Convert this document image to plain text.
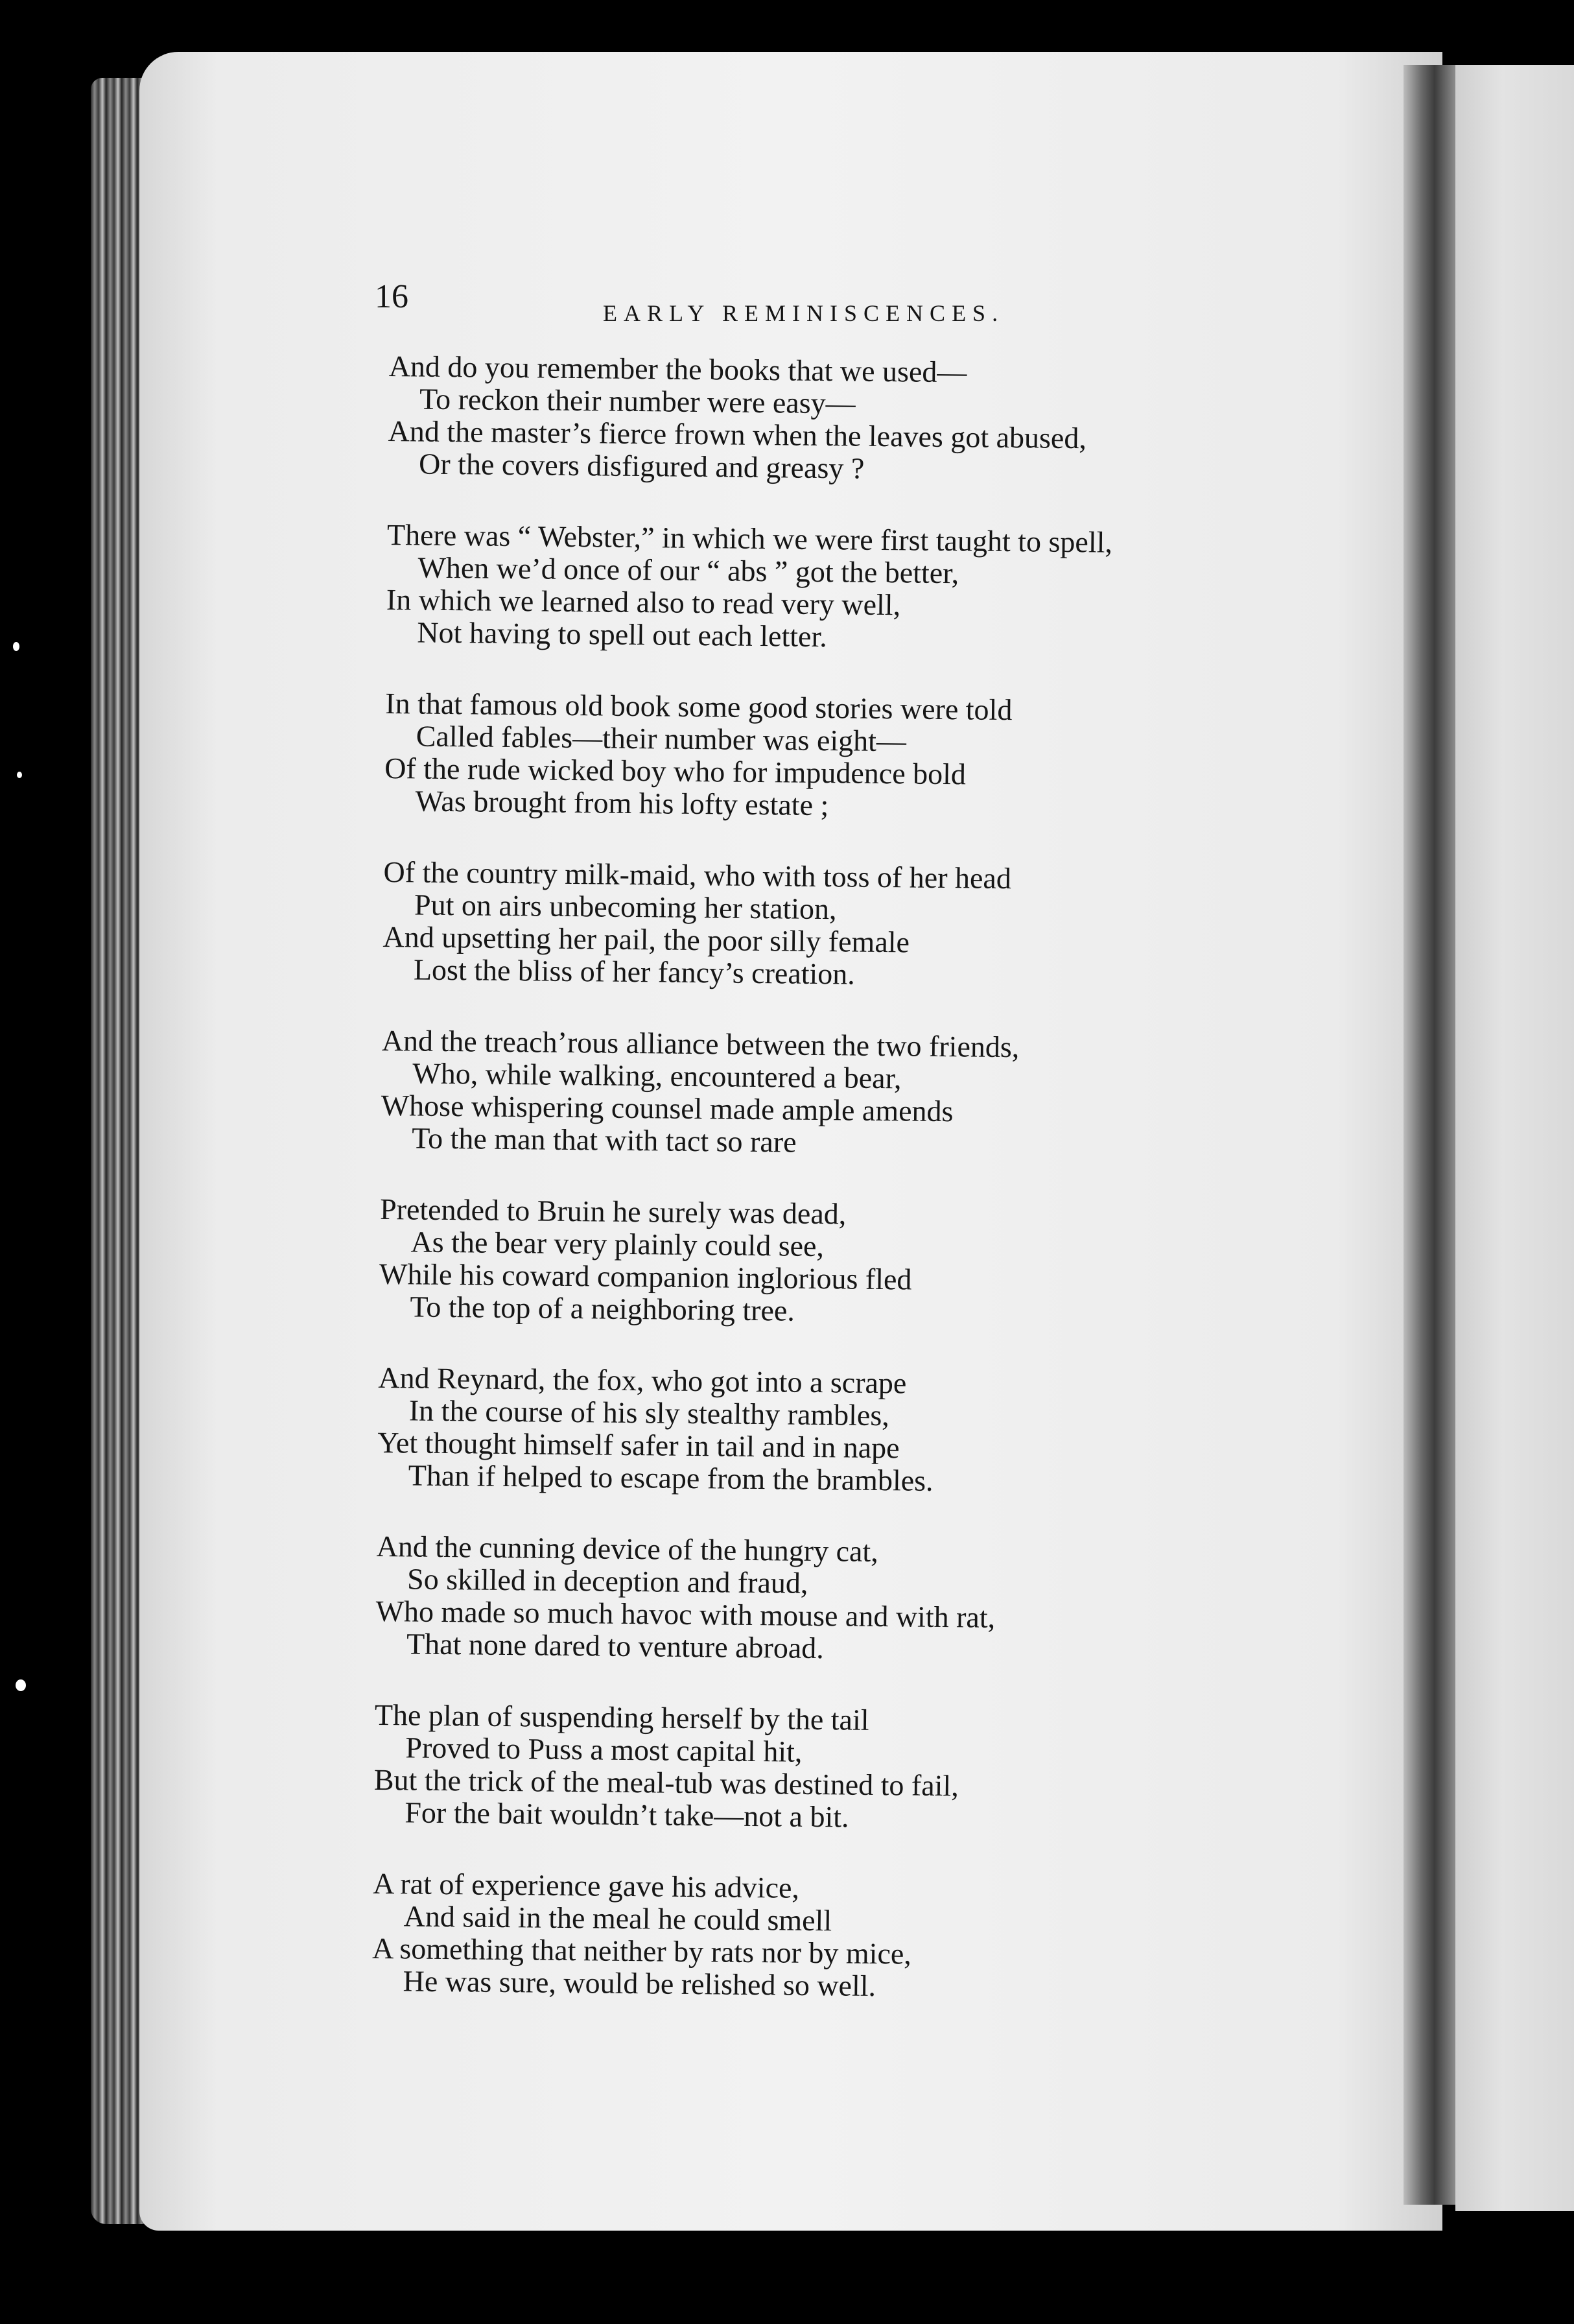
16	EARLY REMINISCENCES.
And do you remember the books that we used—
To reckon their number were easy—
And the master’s fierce frown when the leaves got abused,
Or the covers disfigured and greasy ?
There was “ Webster,” in which we were first taught to spell,
When we’d once of our “ abs ” got the better,
In which we learned also to read very well,
Not having to spell out each letter.
In that famous old book some good stories were told
Called fables—their number was eight—
Of the rude wicked boy who for impudence bold
Was brought from his lofty estate ;
Of the country milk-maid, who with toss of her head
Put on airs unbecoming her station,
And upsetting her pail, the poor silly female
Lost the bliss of her fancy’s creation.
And the treach’rous alliance between the two friends,
Who, while walking, encountered a bear,
Whose whispering counsel made ample amends
To the man that with tact so rare
Pretended to Bruin he surely was dead,
As the bear very plainly could see,
While his coward companion inglorious fled
To the top of a neighboring tree.
And Reynard, the fox, who got into a scrape
In the course of his sly stealthy rambles,
Yet thought himself safer in tail and in nape
Than if helped to escape from the brambles.
And the cunning device of the hungry cat,
So skilled in deception and fraud,
Who made so much havoc with mouse and with rat,
That none dared to venture abroad.
The plan of suspending herself by the tail
Proved to Puss a most capital hit,
But the trick of the meal-tub was destined to fail,
For the bait wouldn’t take—not a bit.
A rat of experience gave his advice,
And said in the meal he could smell
A something that neither by rats nor by mice,
He was sure, would be relished so well.
